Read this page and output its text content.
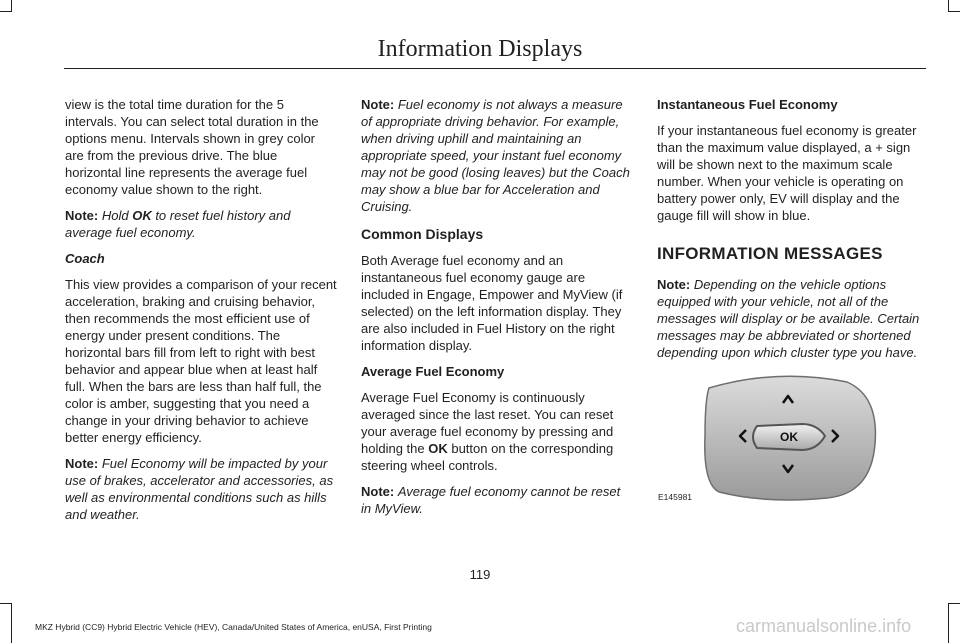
Information Displays

view is the total time duration for the 5 intervals. You can select total duration in the options menu. Intervals shown in grey color are from the previous drive. The blue horizontal line represents the average fuel economy value shown to the right.

Note: Hold OK to reset fuel history and average fuel economy.

Coach

This view provides a comparison of your recent acceleration, braking and cruising behavior, then recommends the most efficient use of energy under present conditions. The horizontal bars fill from left to right with best behavior and appear blue when at least half full. When the bars are less than half full, the color is amber, suggesting that you need a change in your driving behavior to achieve better energy efficiency.

Note: Fuel Economy will be impacted by your use of brakes, accelerator and accessories, as well as environmental conditions such as hills and weather.

Note: Fuel economy is not always a measure of appropriate driving behavior. For example, when driving uphill and maintaining an appropriate speed, your instant fuel economy may not be good (losing leaves) but the Coach may show a blue bar for Acceleration and Cruising.

Common Displays

Both Average fuel economy and an instantaneous fuel economy gauge are included in Engage, Empower and MyView (if selected) on the left information display. They are also included in Fuel History on the right information display.

Average Fuel Economy

Average Fuel Economy is continuously averaged since the last reset. You can reset your average fuel economy by pressing and holding the OK button on the corresponding steering wheel controls.

Note: Average fuel economy cannot be reset in MyView.

Instantaneous Fuel Economy

If your instantaneous fuel economy is greater than the maximum value displayed, a + sign will be shown next to the maximum scale number. When your vehicle is operating on battery power only, EV will display and the gauge fill will show in blue.

INFORMATION MESSAGES

Note: Depending on the vehicle options equipped with your vehicle, not all of the messages will display or be available. Certain messages may be abbreviated or shortened depending upon which cluster type you have.

OK
E145981
119
MKZ Hybrid (CC9) Hybrid Electric Vehicle (HEV), Canada/United States of America, enUSA, First Printing	carmanualsonline.info
